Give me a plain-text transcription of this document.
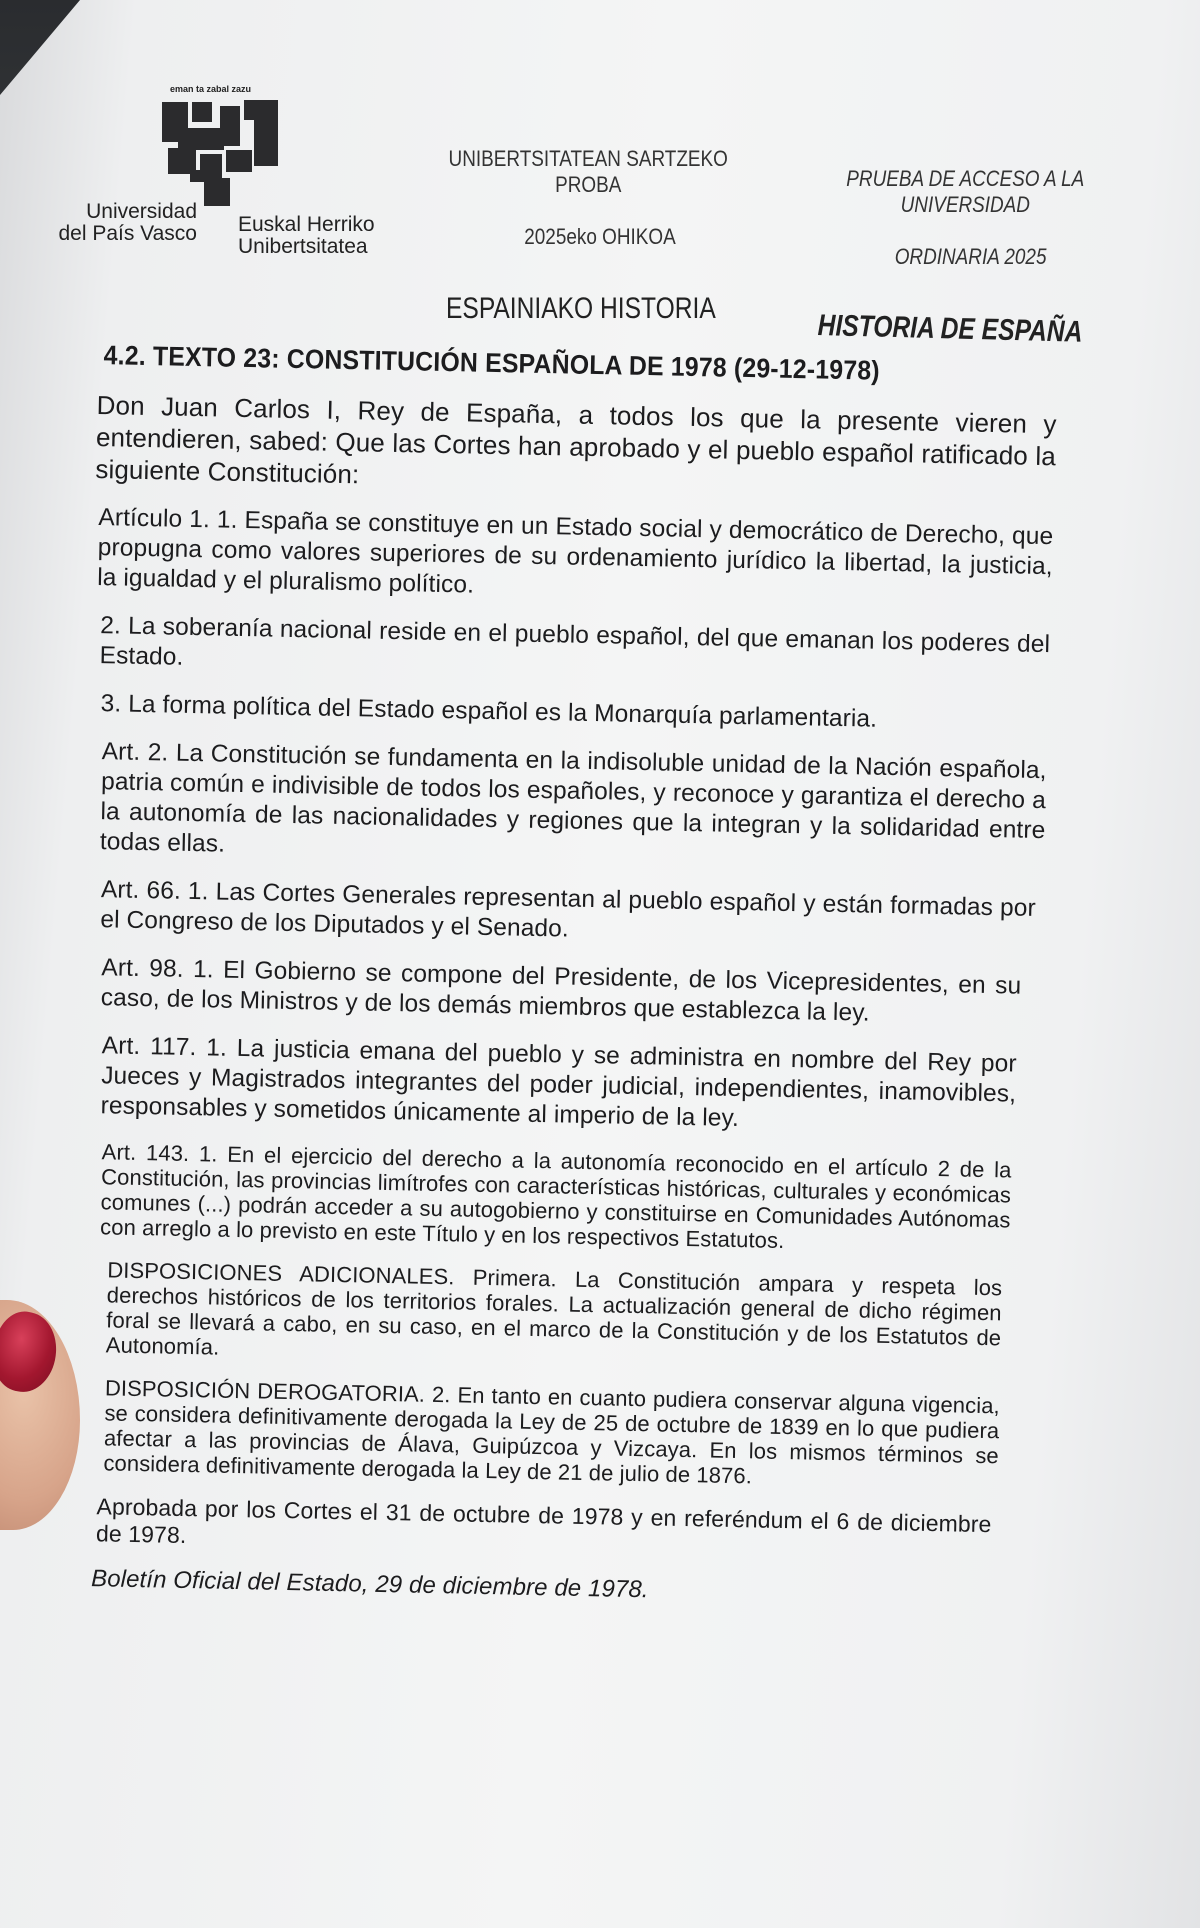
eman ta zabal zazu
Universidad
del País Vasco Euskal Herriko
Unibertsitatea
UNIBERTSITATEAN SARTZEKO
PROBA
2025eko OHIKOA
PRUEBA DE ACCESO A LA
UNIVERSIDAD
ORDINARIA 2025
ESPAINIAKO HISTORIA
HISTORIA DE ESPAÑA
4.2. TEXTO 23: CONSTITUCIÓN ESPAÑOLA DE 1978 (29-12-1978)

Don Juan Carlos I, Rey de España, a todos los que la presente vieren y entendieren, sabed: Que las Cortes han aprobado y el pueblo español ratificado la siguiente Constitución:

Artículo 1. 1. España se constituye en un Estado social y democrático de Derecho, que propugna como valores superiores de su ordenamiento jurídico la libertad, la justicia, la igualdad y el pluralismo político.

2. La soberanía nacional reside en el pueblo español, del que emanan los poderes del Estado.

3. La forma política del Estado español es la Monarquía parlamentaria.

Art. 2. La Constitución se fundamenta en la indisoluble unidad de la Nación española, patria común e indivisible de todos los españoles, y reconoce y garantiza el derecho a la autonomía de las nacionalidades y regiones que la integran y la solidaridad entre todas ellas.

Art. 66. 1. Las Cortes Generales representan al pueblo español y están formadas por el Congreso de los Diputados y el Senado.

Art. 98. 1. El Gobierno se compone del Presidente, de los Vicepresidentes, en su caso, de los Ministros y de los demás miembros que establezca la ley.

Art. 117. 1. La justicia emana del pueblo y se administra en nombre del Rey por Jueces y Magistrados integrantes del poder judicial, independientes, inamovibles, responsables y sometidos únicamente al imperio de la ley.

Art. 143. 1. En el ejercicio del derecho a la autonomía reconocido en el artículo 2 de la Constitución, las provincias limítrofes con características históricas, culturales y económicas comunes (...) podrán acceder a su autogobierno y constituirse en Comunidades Autónomas con arreglo a lo previsto en este Título y en los respectivos Estatutos.

DISPOSICIONES ADICIONALES. Primera. La Constitución ampara y respeta los derechos históricos de los territorios forales. La actualización general de dicho régimen foral se llevará a cabo, en su caso, en el marco de la Constitución y de los Estatutos de Autonomía.

DISPOSICIÓN DEROGATORIA. 2. En tanto en cuanto pudiera conservar alguna vigencia, se considera definitivamente derogada la Ley de 25 de octubre de 1839 en lo que pudiera afectar a las provincias de Álava, Guipúzcoa y Vizcaya. En los mismos términos se considera definitivamente derogada la Ley de 21 de julio de 1876.

Aprobada por los Cortes el 31 de octubre de 1978 y en referéndum el 6 de diciembre de 1978.

Boletín Oficial del Estado, 29 de diciembre de 1978.
